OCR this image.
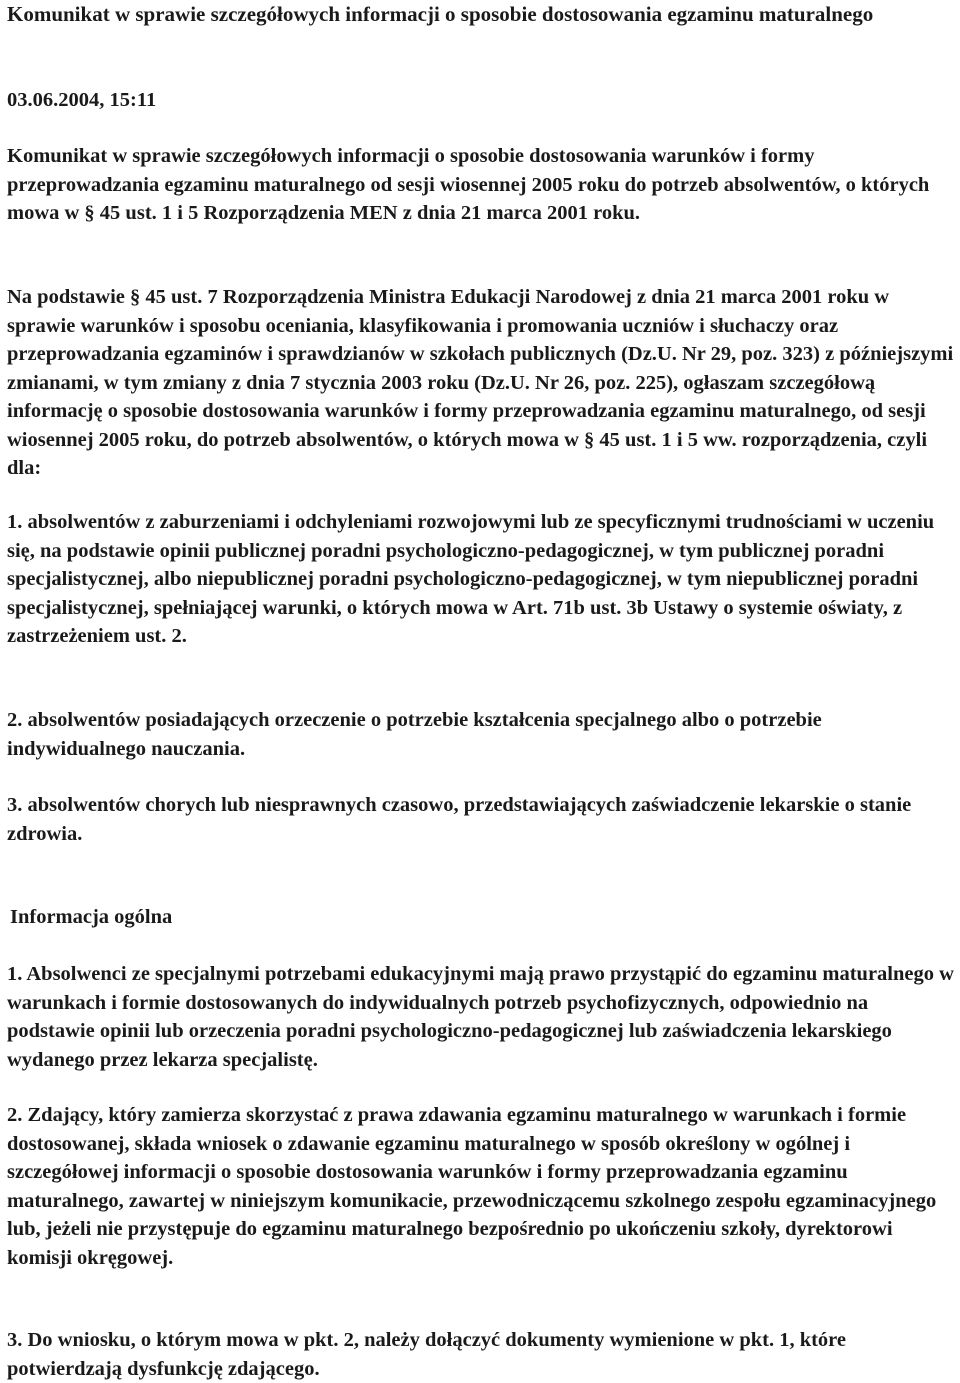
Komunikat w sprawie szczegółowych informacji o sposobie dostosowania egzaminu maturalnego

03.06.2004, 15:11

Komunikat w sprawie szczegółowych informacji o sposobie dostosowania warunków i formy przeprowadzania egzaminu maturalnego od sesji wiosennej 2005 roku do potrzeb absolwentów, o których mowa w § 45 ust. 1 i 5 Rozporządzenia MEN z dnia 21 marca 2001 roku.

Na podstawie § 45 ust. 7 Rozporządzenia Ministra Edukacji Narodowej z dnia 21 marca 2001 roku w sprawie warunków i sposobu oceniania, klasyfikowania i promowania uczniów i słuchaczy oraz przeprowadzania egzaminów i sprawdzianów w szkołach publicznych (Dz.U. Nr 29, poz. 323) z późniejszymi zmianami, w tym zmiany z dnia 7 stycznia 2003 roku (Dz.U. Nr 26, poz. 225), ogłaszam szczegółową informację o sposobie dostosowania warunków i formy przeprowadzania egzaminu maturalnego, od sesji wiosennej 2005 roku, do potrzeb absolwentów, o których mowa w § 45 ust. 1 i 5 ww. rozporządzenia, czyli dla:

1. absolwentów z zaburzeniami i odchyleniami rozwojowymi lub ze specyficznymi trudnościami w uczeniu się, na podstawie opinii publicznej poradni psychologiczno-pedagogicznej, w tym publicznej poradni specjalistycznej, albo niepublicznej poradni psychologiczno-pedagogicznej, w tym niepublicznej poradni specjalistycznej, spełniającej warunki, o których mowa w Art. 71b ust. 3b Ustawy o systemie oświaty, z zastrzeżeniem ust. 2.

2. absolwentów posiadających orzeczenie o potrzebie kształcenia specjalnego albo o potrzebie indywidualnego nauczania.

3. absolwentów chorych lub niesprawnych czasowo, przedstawiających zaświadczenie lekarskie o stanie zdrowia.

Informacja ogólna

1. Absolwenci ze specjalnymi potrzebami edukacyjnymi mają prawo przystąpić do egzaminu maturalnego w warunkach i formie dostosowanych do indywidualnych potrzeb psychofizycznych, odpowiednio na podstawie opinii lub orzeczenia poradni psychologiczno-pedagogicznej lub zaświadczenia lekarskiego wydanego przez lekarza specjalistę.

2. Zdający, który zamierza skorzystać z prawa zdawania egzaminu maturalnego w warunkach i formie dostosowanej, składa wniosek o zdawanie egzaminu maturalnego w sposób określony w ogólnej i szczegółowej informacji o sposobie dostosowania warunków i formy przeprowadzania egzaminu maturalnego, zawartej w niniejszym komunikacie, przewodniczącemu szkolnego zespołu egzaminacyjnego lub, jeżeli nie przystępuje do egzaminu maturalnego bezpośrednio po ukończeniu szkoły, dyrektorowi komisji okręgowej.

3. Do wniosku, o którym mowa w pkt. 2, należy dołączyć dokumenty wymienione w pkt. 1, które potwierdzają dysfunkcję zdającego.
